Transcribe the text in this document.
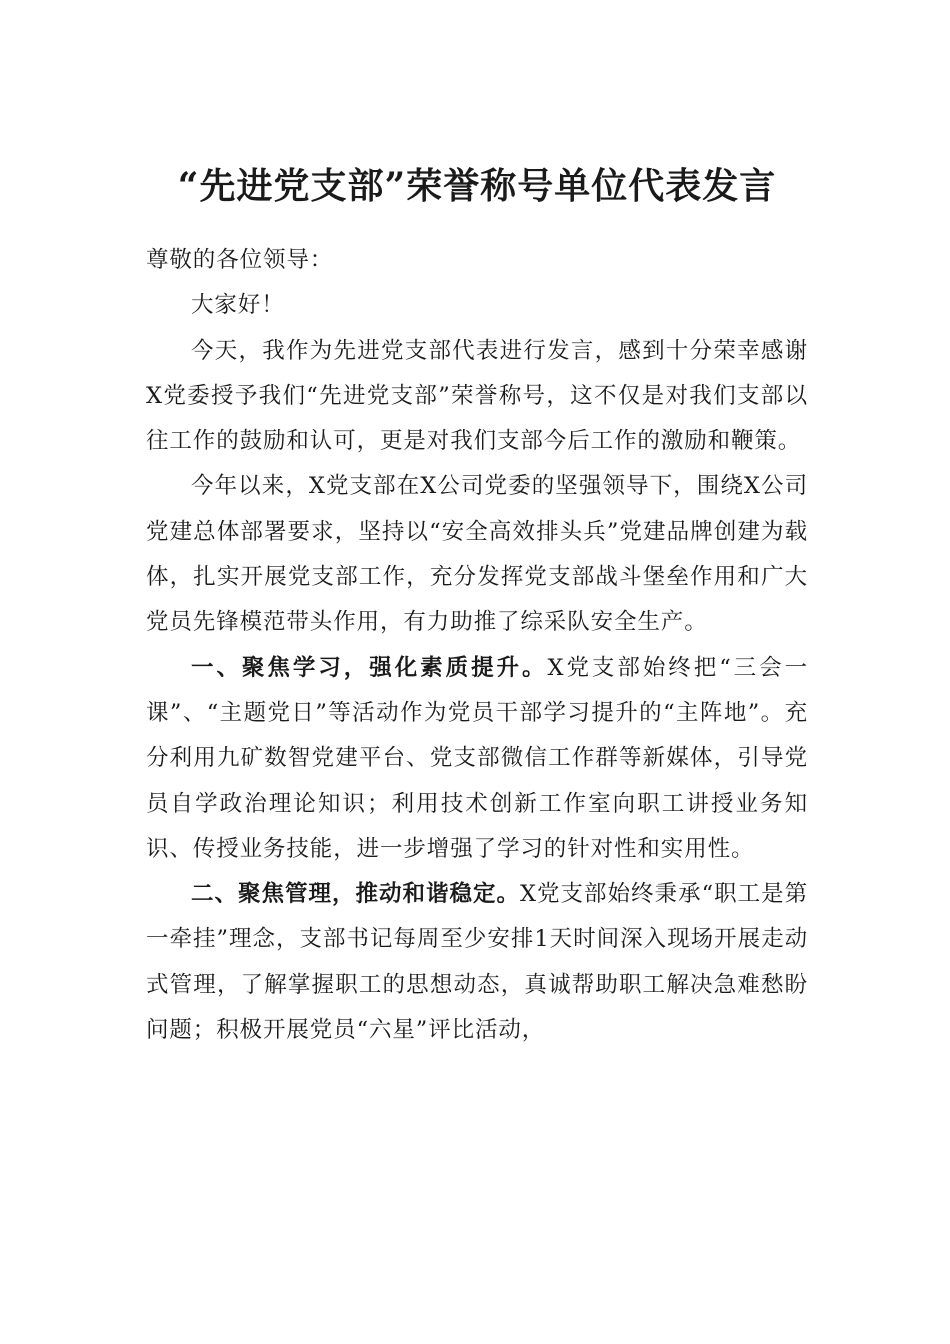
“先进党支部”荣誉称号单位代表发言

尊敬的各位领导：

大家好！

今天，我作为先进党支部代表进行发言，感到十分荣幸感谢X党委授予我们“先进党支部”荣誉称号，这不仅是对我们支部以往工作的鼓励和认可，更是对我们支部今后工作的激励和鞭策。

今年以来，X党支部在X公司党委的坚强领导下，围绕X公司党建总体部署要求，坚持以“安全高效排头兵”党建品牌创建为载体，扎实开展党支部工作，充分发挥党支部战斗堡垒作用和广大党员先锋模范带头作用，有力助推了综采队安全生产。

一、聚焦学习，强化素质提升。X党支部始终把“三会一课”、“主题党日”等活动作为党员干部学习提升的“主阵地”。充分利用九矿数智党建平台、党支部微信工作群等新媒体，引导党员自学政治理论知识；利用技术创新工作室向职工讲授业务知识、传授业务技能，进一步增强了学习的针对性和实用性。

二、聚焦管理，推动和谐稳定。X党支部始终秉承“职工是第一牵挂”理念，支部书记每周至少安排1天时间深入现场开展走动式管理，了解掌握职工的思想动态，真诚帮助职工解决急难愁盼问题；积极开展党员“六星”评比活动，
